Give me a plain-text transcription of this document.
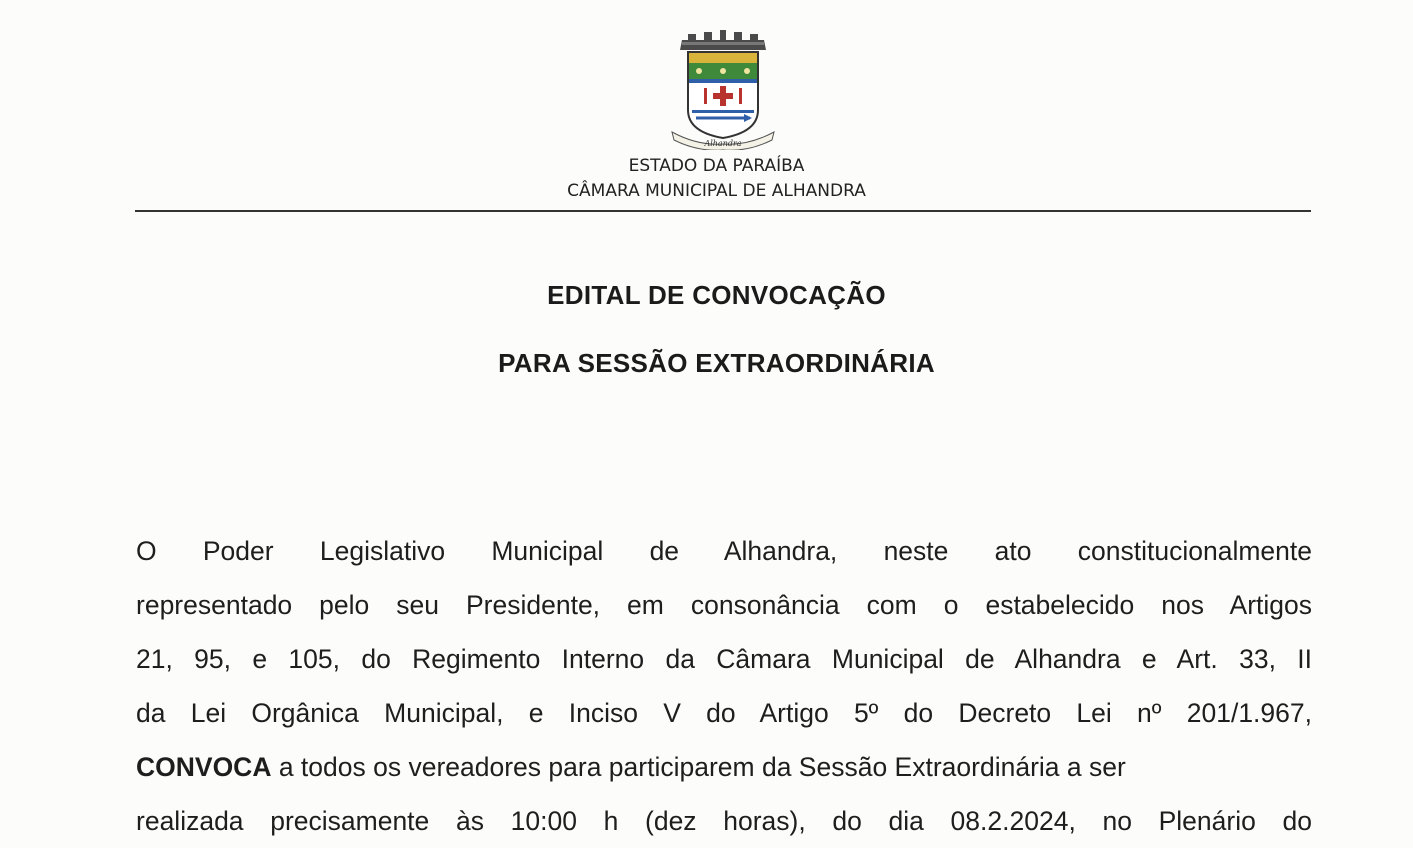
Alhandra
ESTADO DA PARAÍBA
CÂMARA MUNICIPAL DE ALHANDRA
EDITAL DE CONVOCAÇÃO
PARA SESSÃO EXTRAORDINÁRIA
O Poder Legislativo Municipal de Alhandra, neste ato constitucionalmente
representado pelo seu Presidente, em consonância com o estabelecido nos Artigos
21, 95, e 105, do Regimento Interno da Câmara Municipal de Alhandra e Art. 33, II
da Lei Orgânica Municipal, e Inciso V do Artigo 5º do Decreto Lei nº 201/1.967,
CONVOCA a todos os vereadores para participarem da Sessão Extraordinária a ser
realizada precisamente às 10:00 h (dez horas), do dia 08.2.2024, no Plenário do
